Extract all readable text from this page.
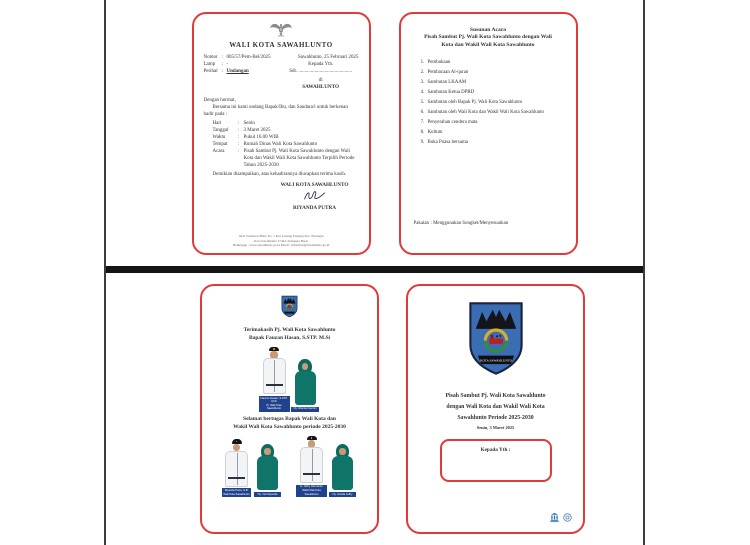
WALI KOTA SAWAHLUNTO
Nomor : 005/57/Pem-Bel/2025
Lamp	: -
Perihal : Undangan
Sawahlunto, 25 Februari 2025
Kepada Yth.
Sdr. ...........................................
di
SAWAHLUNTO
Dengan hormat,
Bersama ini kami undang Bapak/Ibu, dan Saudara/i untuk berkenan hadir pada :
Hari	: Senin
Tanggal	: 3 Maret 2025
Waktu	: Pukul 16.00 WIB
Tempat	: Rumah Dinas Wali Kota Sawahlunto
Acara	: Pisah Sambut Pj. Wali Kota Sawahlunto dengan Wali Kota dan Wakil Wali Kota Sawahlunto Terpilih Periode Tahun 2025-2030
Demikian disampaikan, atas kehadirannya diucapkan terima kasih.
WALI KOTA SAWAHLUNTO
RIYANDA PUTRA
Jalan Soekarno-Hatta No. 1 Kel. Lubang Panjang Kec. Barangin
Kota Sawahlunto 27424, Sumatera Barat
Homepage : www.sawahlunto.go.id Email : informasi@sawahlunto.go.id
Susunan Acara
Pisah Sambut Pj. Wali Kota Sawahlunto dengan Wali
Kota dan Wakil Wali Kota Sawahlunto
1. Pembukaan
2. Pembacaan Al-quran
3. Sambutan LKAAM
4. Sambutan Ketua DPRD
5. Sambutan oleh Bapak Pj. Wali Kota Sawahlunto
6. Sambutan oleh Wali Kota dan Wakil Wali Kota Sawahlunto
7. Penyerahan cendera mata
8. Kultum
9. Buka Puasa bersama
Pakaian : Menggunakan Songket/Menyesuaikan
KOTA SAWAHLUNTO
Terimakasih Pj. Wali Kota Sawahlunto
Bapak Fauzan Hasan, S.STP. M.Si
Fauzan Hasan, S.STP. M.Si
Pj. Wali Kota Sawahlunto	Ny. Ghenia Fauzan
Selamat bertugas Bapak Wali Kota dan
Wakil Wali Kota Sawahlunto periode 2025-2030
Riyanda Putra, S.IP
Wali Kota Sawahlunto	Ny. Yeri Riyanda
H. Jeffry Hermanto
Wakil Wali Kota Sawahlunto	Ny. Imelda Jeffry
KOTA SAWAHLUNTO
Pisah Sambut Pj. Wali Kota Sawahlunto
dengan Wali Kota dan Wakil Wali Kota
Sawahlunto Periode 2025-2030
Senin, 3 Maret 2025
Kepada Yth :
